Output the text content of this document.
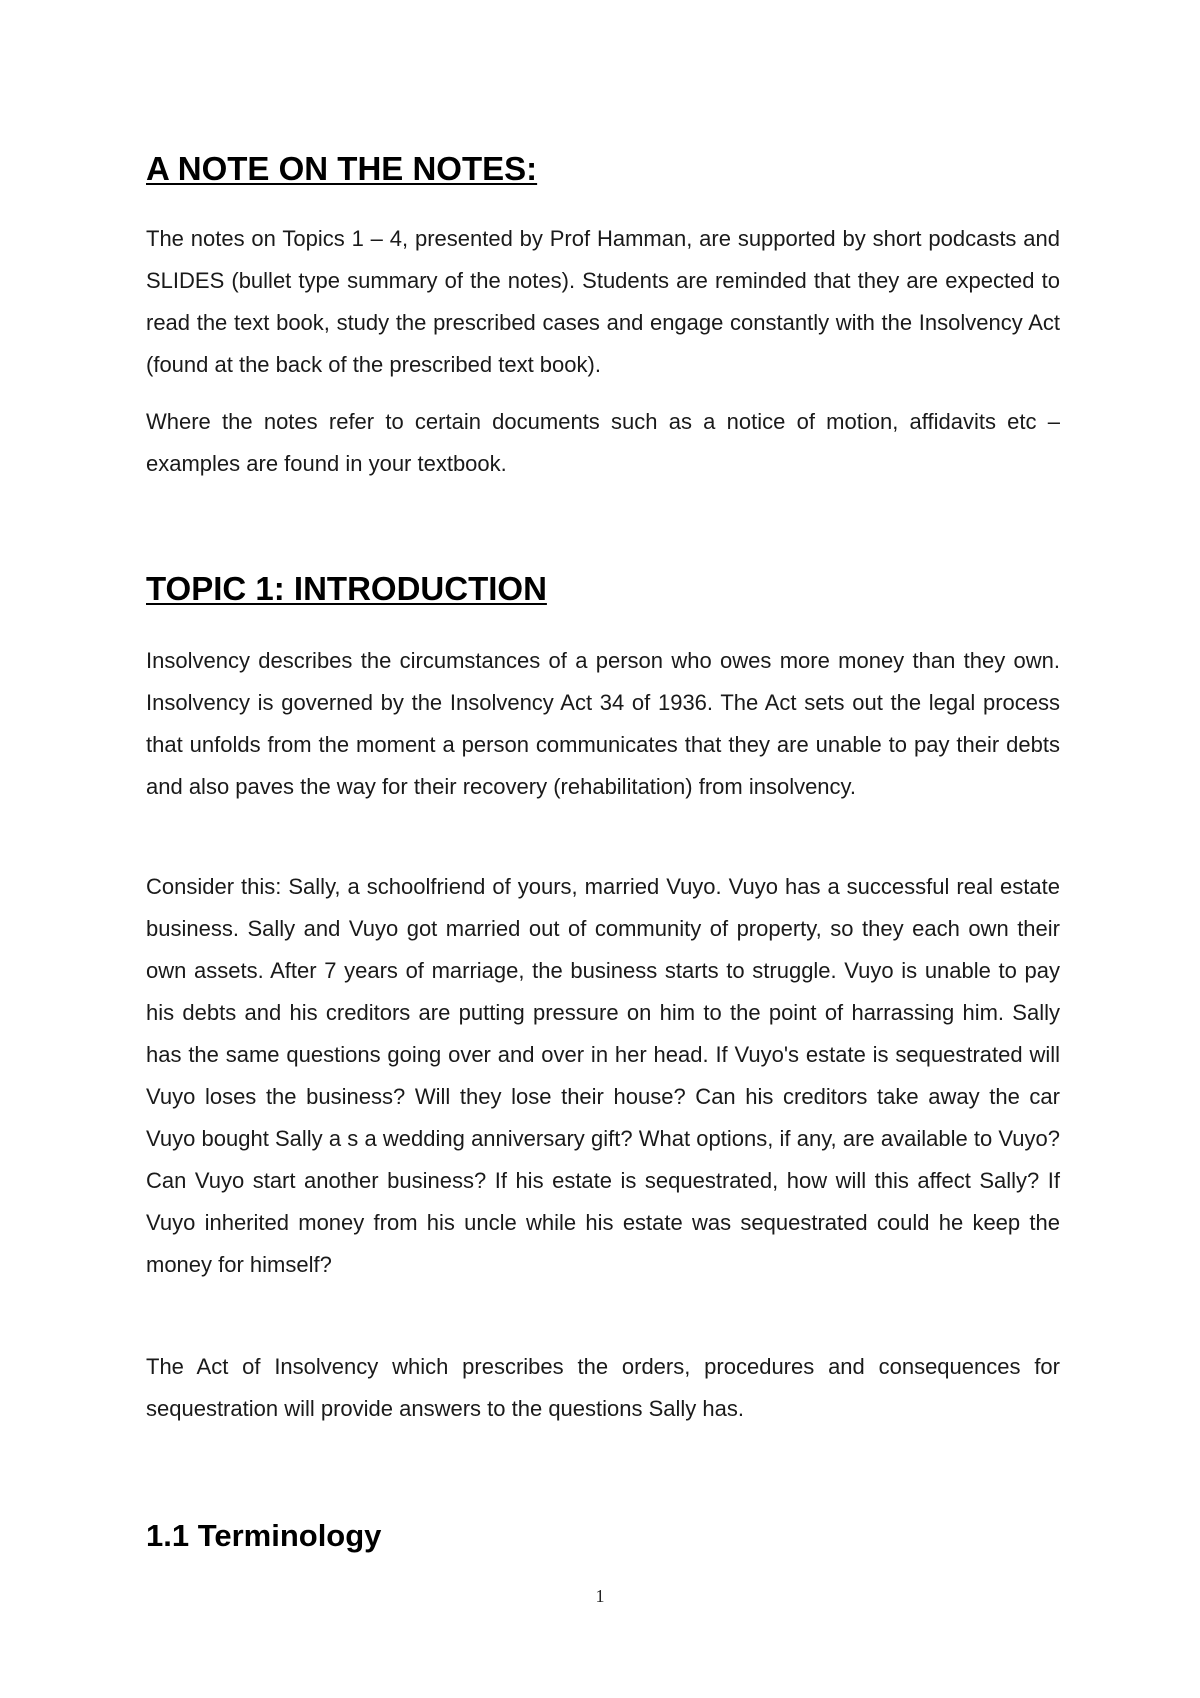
A NOTE ON THE NOTES:

The notes on Topics 1 – 4, presented by Prof Hamman, are supported by short podcasts and SLIDES (bullet type summary of the notes). Students are reminded that they are expected to read the text book, study the prescribed cases and engage constantly with the Insolvency Act (found at the back of the prescribed text book).

Where the notes refer to certain documents such as a notice of motion, affidavits etc – examples are found in your textbook.

TOPIC 1: INTRODUCTION

Insolvency describes the circumstances of a person who owes more money than they own. Insolvency is governed by the Insolvency Act 34 of 1936. The Act sets out the legal process that unfolds from the moment a person communicates that they are unable to pay their debts and also paves the way for their recovery (rehabilitation) from insolvency.

Consider this: Sally, a schoolfriend of yours, married Vuyo. Vuyo has a successful real estate business. Sally and Vuyo got married out of community of property, so they each own their own assets. After 7 years of marriage, the business starts to struggle. Vuyo is unable to pay his debts and his creditors are putting pressure on him to the point of harrassing him. Sally has the same questions going over and over in her head. If Vuyo's estate is sequestrated will Vuyo loses the business? Will they lose their house? Can his creditors take away the car Vuyo bought Sally a s a wedding anniversary gift? What options, if any, are available to Vuyo? Can Vuyo start another business? If his estate is sequestrated, how will this affect Sally? If Vuyo inherited money from his uncle while his estate was sequestrated could he keep the money for himself?

The Act of Insolvency which prescribes the orders, procedures and consequences for sequestration will provide answers to the questions Sally has.

1.1 Terminology
1
